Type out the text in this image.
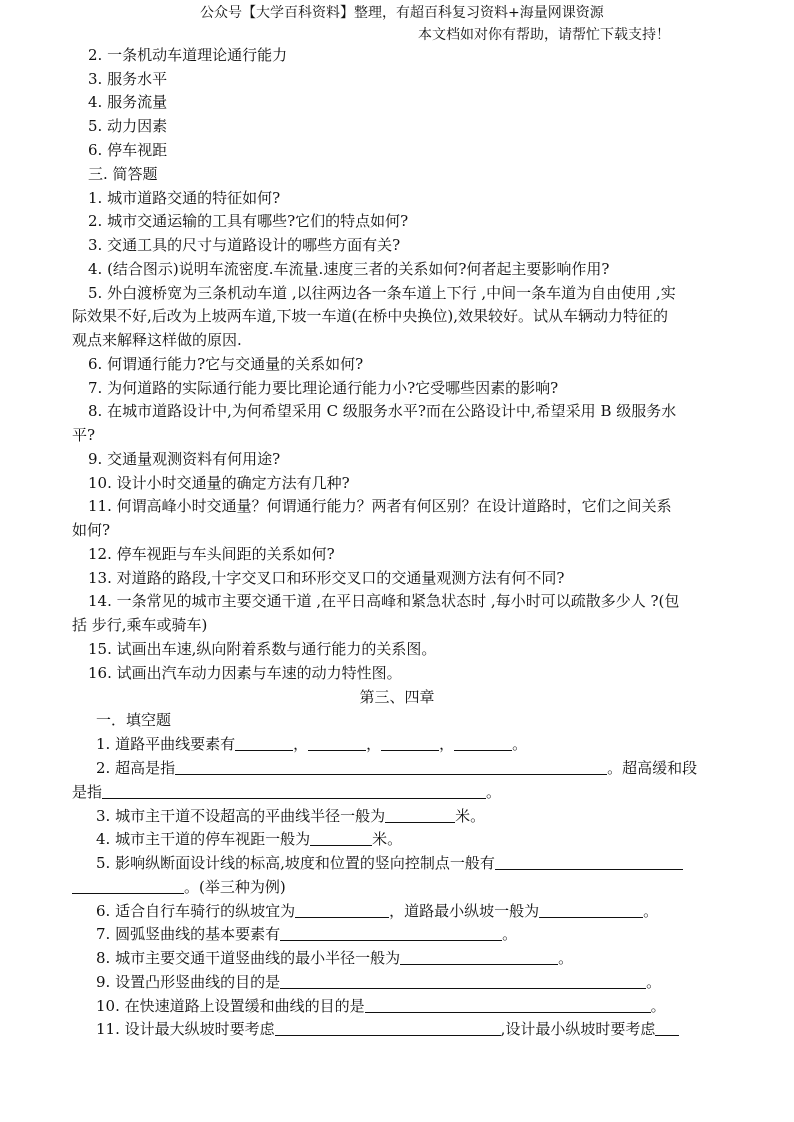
公众号【大学百科资料】整理，有超百科复习资料+海量网课资源
本文档如对你有帮助，请帮忙下载支持！
2. 一条机动车道理论通行能力
3. 服务水平
4. 服务流量
5. 动力因素
6. 停车视距
三. 简答题
1. 城市道路交通的特征如何?
2. 城市交通运输的工具有哪些?它们的特点如何?
3. 交通工具的尺寸与道路设计的哪些方面有关?
4. (结合图示)说明车流密度.车流量.速度三者的关系如何?何者起主要影响作用?
5. 外白渡桥宽为三条机动车道 ,以往两边各一条车道上下行 ,中间一条车道为自由使用 ,实
际效果不好,后改为上坡两车道,下坡一车道(在桥中央换位),效果较好。试从车辆动力特征的
观点来解释这样做的原因.
6. 何谓通行能力?它与交通量的关系如何?
7. 为何道路的实际通行能力要比理论通行能力小?它受哪些因素的影响?
8. 在城市道路设计中,为何希望采用 C 级服务水平?而在公路设计中,希望采用 B 级服务水
平?
9. 交通量观测资料有何用途?
10. 设计小时交通量的确定方法有几种?
11. 何谓高峰小时交通量？何谓通行能力？两者有何区别？在设计道路时，它们之间关系
如何?
12. 停车视距与车头间距的关系如何?
13. 对道路的路段,十字交叉口和环形交叉口的交通量观测方法有何不同?
14. 一条常见的城市主要交通干道 ,在平日高峰和紧急状态时 ,每小时可以疏散多少人 ?(包
括 步行,乘车或骑车)
15. 试画出车速,纵向附着系数与通行能力的关系图。
16. 试画出汽车动力因素与车速的动力特性图。
第三、四章
一．填空题
1. 道路平曲线要素有	，	，	，	。
2. 超高是指	。超高缓和段
是指	。
3. 城市主干道不设超高的平曲线半径一般为	米。
4. 城市主干道的停车视距一般为	米。
5. 影响纵断面设计线的标高,坡度和位置的竖向控制点一般有
。(举三种为例)
6. 适合自行车骑行的纵坡宜为	，道路最小纵坡一般为	。
7. 圆弧竖曲线的基本要素有	。
8. 城市主要交通干道竖曲线的最小半径一般为	。
9. 设置凸形竖曲线的目的是	。
10. 在快速道路上设置缓和曲线的目的是	。
11. 设计最大纵坡时要考虑	,设计最小纵坡时要考虑
